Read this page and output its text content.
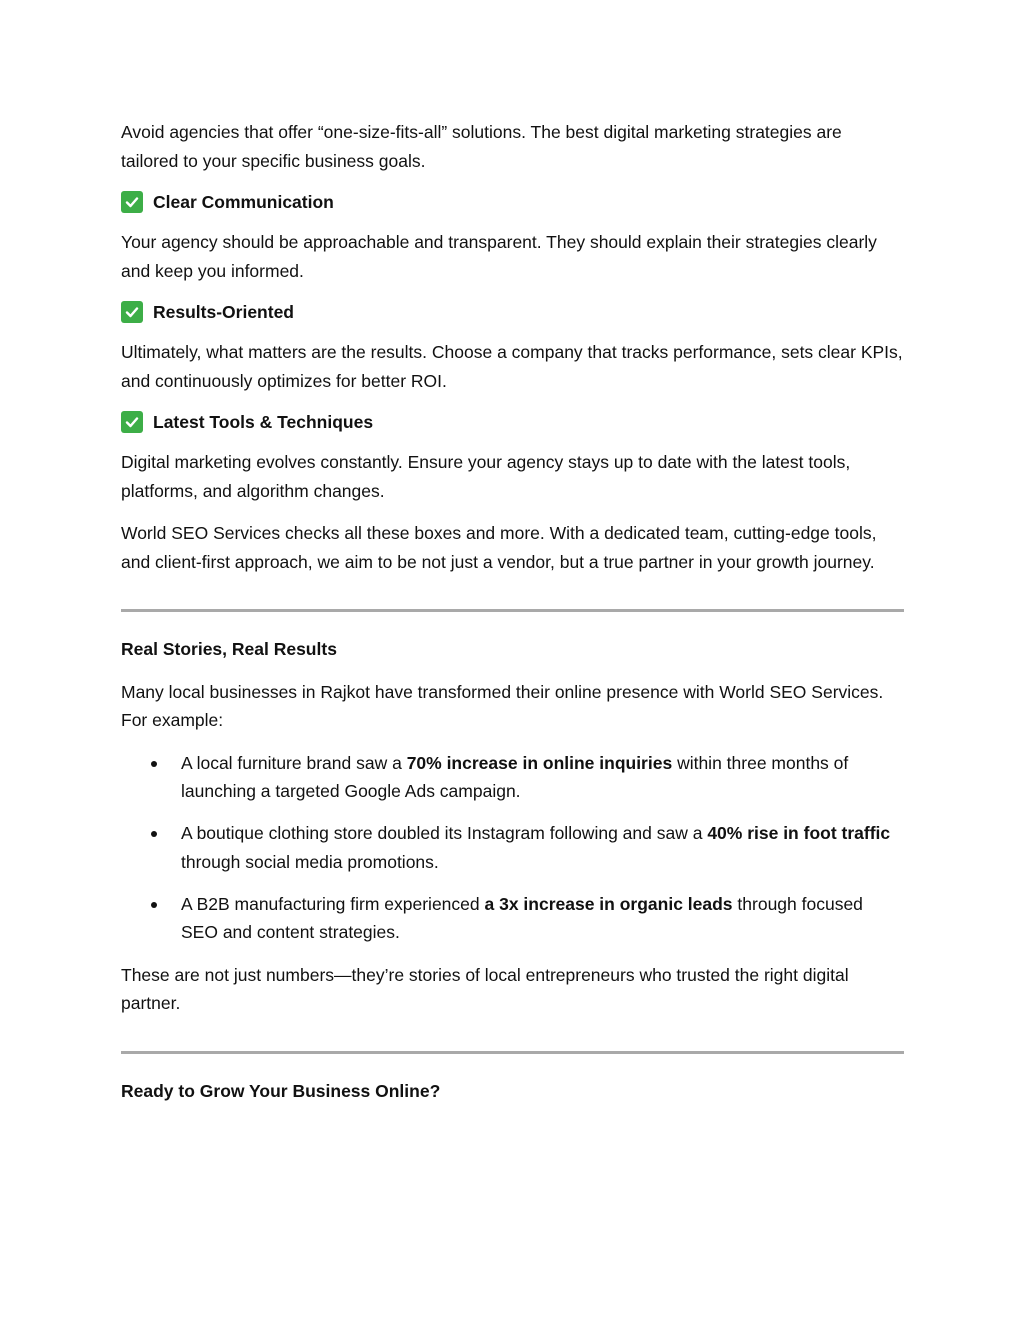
Avoid agencies that offer “one-size-fits-all” solutions. The best digital marketing strategies are tailored to your specific business goals.

Clear Communication

Your agency should be approachable and transparent. They should explain their strategies clearly and keep you informed.

Results-Oriented

Ultimately, what matters are the results. Choose a company that tracks performance, sets clear KPIs, and continuously optimizes for better ROI.

Latest Tools & Techniques

Digital marketing evolves constantly. Ensure your agency stays up to date with the latest tools, platforms, and algorithm changes.

World SEO Services checks all these boxes and more. With a dedicated team, cutting-edge tools, and client-first approach, we aim to be not just a vendor, but a true partner in your growth journey.

Real Stories, Real Results

Many local businesses in Rajkot have transformed their online presence with World SEO Services. For example:

A local furniture brand saw a 70% increase in online inquiries within three months of launching a targeted Google Ads campaign.
A boutique clothing store doubled its Instagram following and saw a 40% rise in foot traffic through social media promotions.
A B2B manufacturing firm experienced a 3x increase in organic leads through focused SEO and content strategies.

These are not just numbers—they’re stories of local entrepreneurs who trusted the right digital partner.

Ready to Grow Your Business Online?
